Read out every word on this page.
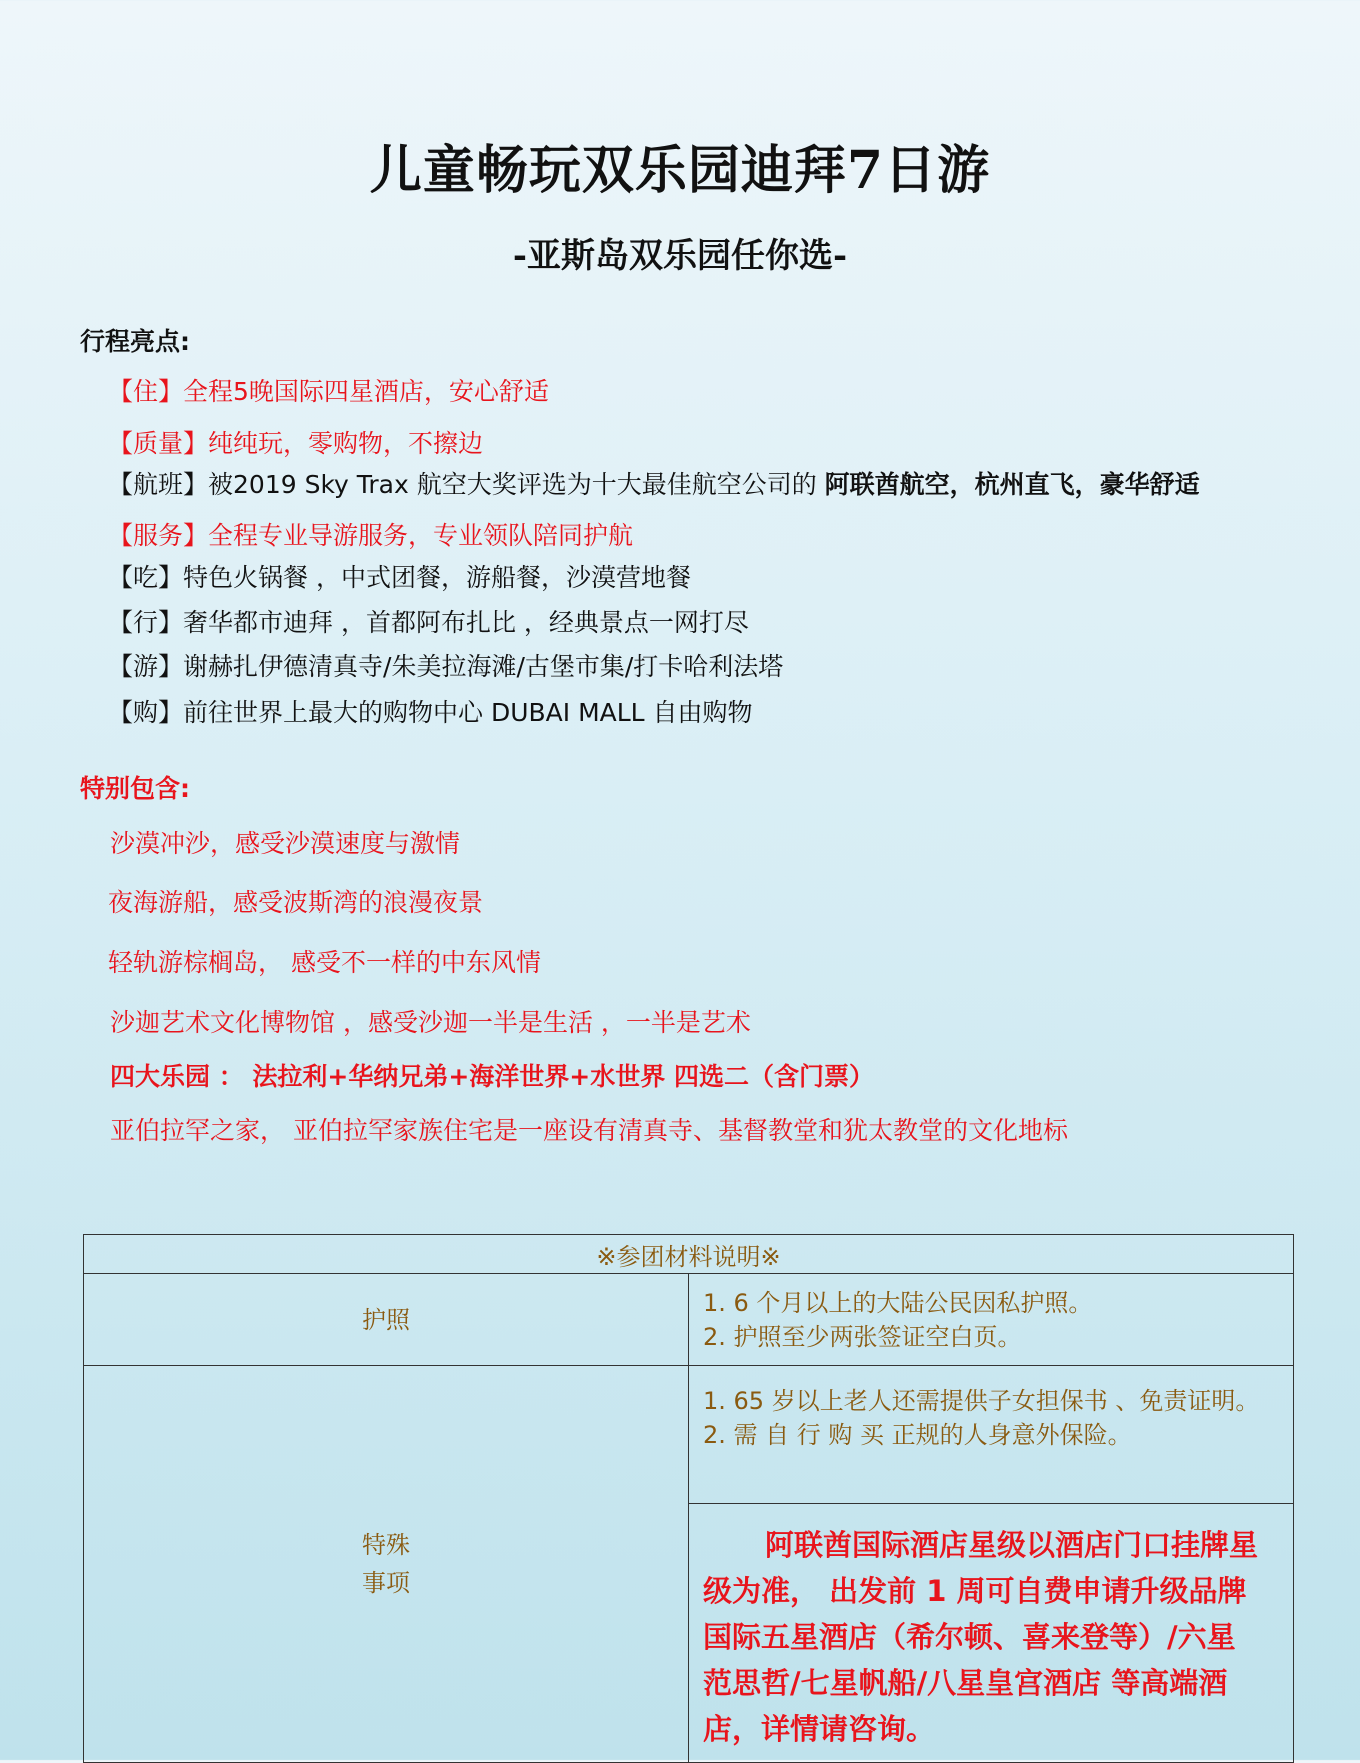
儿童畅玩双乐园迪拜7日游
-亚斯岛双乐园任你选-

行程亮点:

【住】全程5晚国际四星酒店，安心舒适

【质量】纯纯玩，零购物，不擦边

【航班】被2019 Sky Trax 航空大奖评选为十大最佳航空公司的 阿联酋航空，杭州直飞，豪华舒适

【服务】全程专业导游服务，专业领队陪同护航

【吃】特色火锅餐 ，中式团餐，游船餐，沙漠营地餐

【行】奢华都市迪拜 ，首都阿布扎比 ，经典景点一网打尽

【游】谢赫扎伊德清真寺/朱美拉海滩/古堡市集/打卡哈利法塔

【购】前往世界上最大的购物中心 DUBAI MALL 自由购物

特别包含:

沙漠冲沙，感受沙漠速度与激情

夜海游船，感受波斯湾的浪漫夜景

轻轨游棕榈岛， 感受不一样的中东风情

沙迦艺术文化博物馆 ，感受沙迦一半是生活 ，一半是艺术

四大乐园 ： 法拉利+华纳兄弟+海洋世界+水世界 四选二（含门票）

亚伯拉罕之家， 亚伯拉罕家族住宅是一座设有清真寺、基督教堂和犹太教堂的文化地标

※参团材料说明※	
护照	1. 6 个月以上的大陆公民因私护照。
2. 护照至少两张签证空白页。

特殊
事项	1. 65 岁以上老人还需提供子女担保书 、免责证明。
2. 需 自 行 购 买 正规的人身意外保险。

	阿联酋国际酒店星级以酒店门口挂牌星级为准， 出发前 1 周可自费申请升级品牌国际五星酒店（希尔顿、喜来登等）/六星范思哲/七星帆船/八星皇宫酒店 等高端酒店，详情请咨询。
